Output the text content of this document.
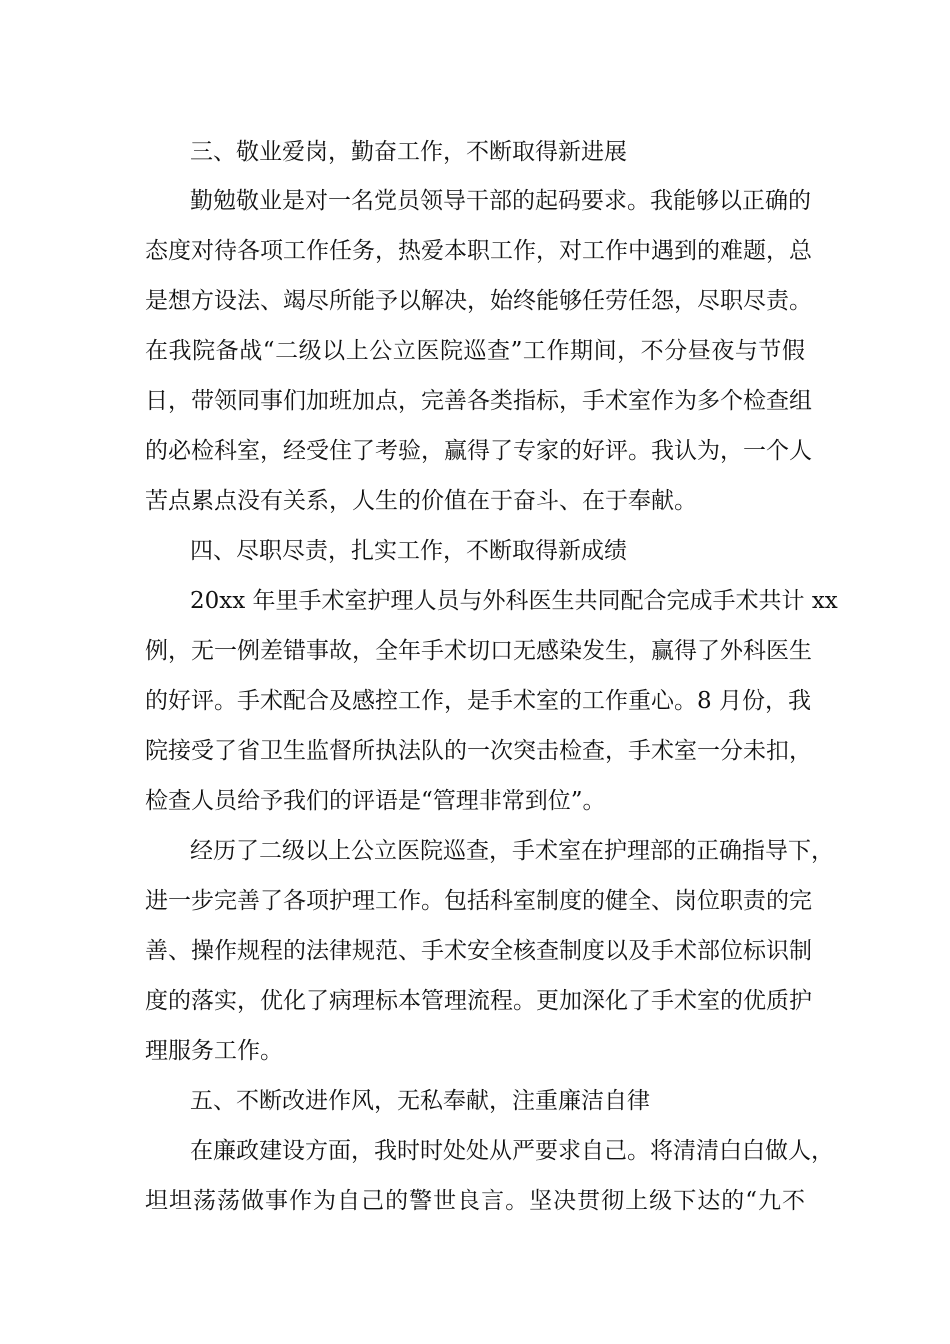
三、敬业爱岗，勤奋工作，不断取得新进展
勤勉敬业是对一名党员领导干部的起码要求。我能够以正确的
态度对待各项工作任务，热爱本职工作，对工作中遇到的难题，总
是想方设法、竭尽所能予以解决，始终能够任劳任怨，尽职尽责。
在我院备战“二级以上公立医院巡查”工作期间，不分昼夜与节假
日，带领同事们加班加点，完善各类指标，手术室作为多个检查组
的必检科室，经受住了考验，赢得了专家的好评。我认为，一个人
苦点累点没有关系，人生的价值在于奋斗、在于奉献。
四、尽职尽责，扎实工作，不断取得新成绩
20xx 年里手术室护理人员与外科医生共同配合完成手术共计 xx
例，无一例差错事故，全年手术切口无感染发生，赢得了外科医生
的好评。手术配合及感控工作，是手术室的工作重心。8 月份，我
院接受了省卫生监督所执法队的一次突击检查，手术室一分未扣，
检查人员给予我们的评语是“管理非常到位”。
经历了二级以上公立医院巡查，手术室在护理部的正确指导下，
进一步完善了各项护理工作。包括科室制度的健全、岗位职责的完
善、操作规程的法律规范、手术安全核查制度以及手术部位标识制
度的落实，优化了病理标本管理流程。更加深化了手术室的优质护
理服务工作。
五、不断改进作风，无私奉献，注重廉洁自律
在廉政建设方面，我时时处处从严要求自己。将清清白白做人，
坦坦荡荡做事作为自己的警世良言。坚决贯彻上级下达的“九不
